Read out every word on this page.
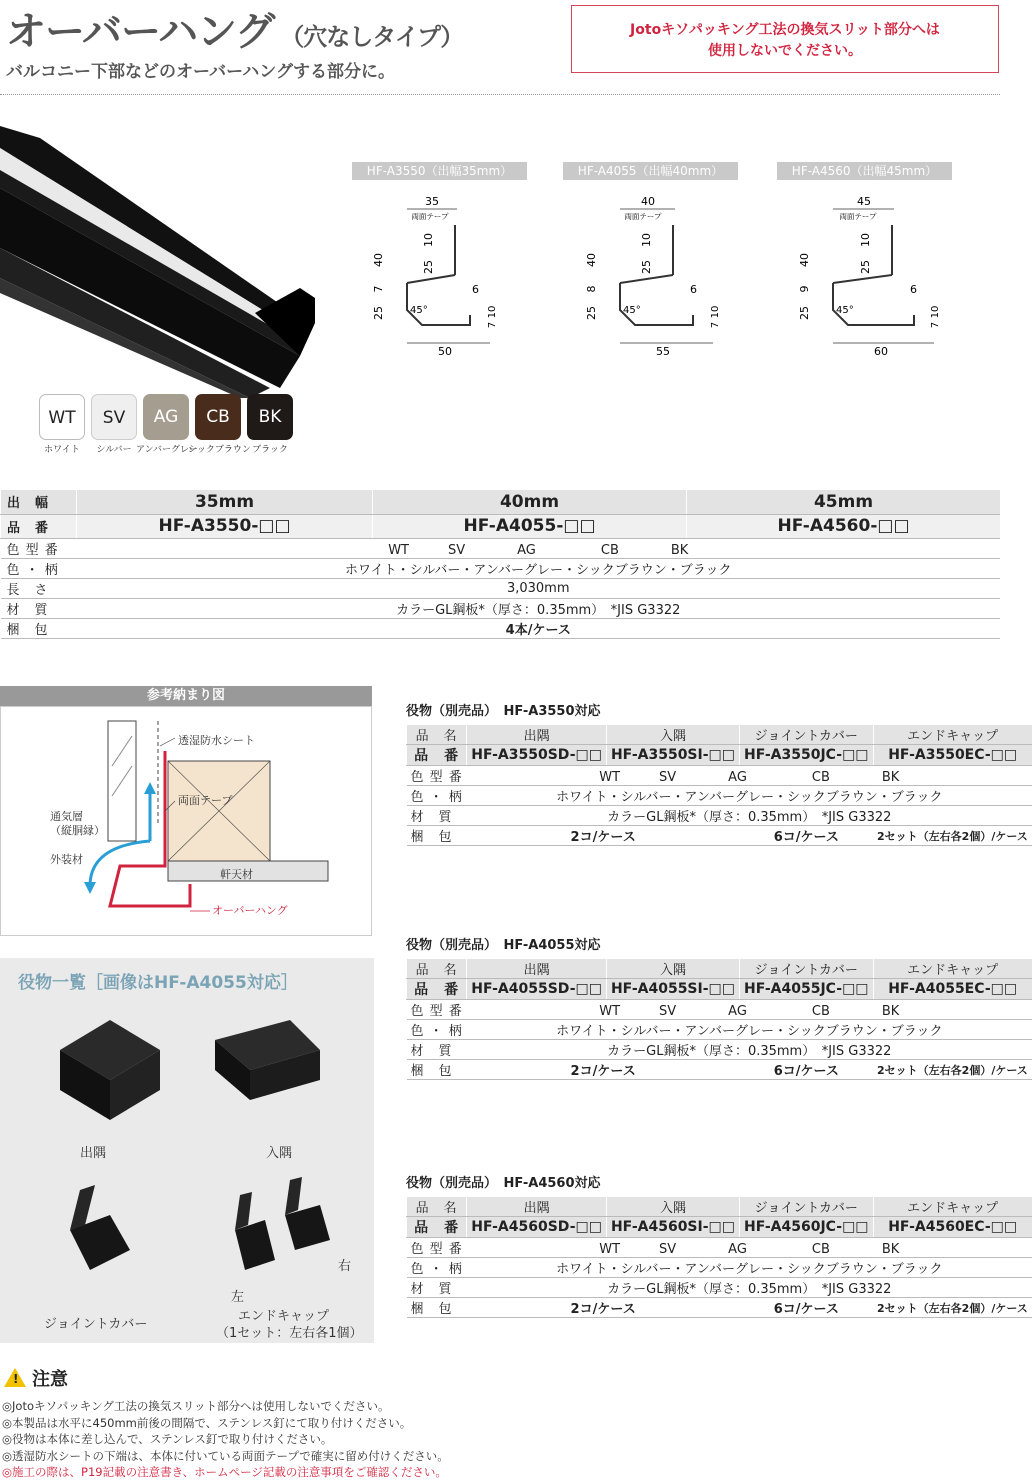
オーバーハング （穴なしタイプ）
バルコニー下部などのオーバーハングする部分に。
Jotoキソパッキング工法の換気スリット部分へは
使用しないでください。
HF-A3550（出幅35mm）	HF-A4055（出幅40mm）	HF-A4560（出幅45mm）
35
両面テープ
40
10
25
7
25	45°
6
7
10
50
40
両面テープ
40
10
25
8
25	45°
6
7
10
55
45
両面テープ
40
10
25
9
25	45°
6
7
10
60
WT
ホワイト
SV
シルバー
AG
アンバーグレー
CB
シックブラウン
BK
ブラック
出　幅	35mm	40mm	45mm
品　番	HF-A3550-□□	HF-A4055-□□	HF-A4560-□□
色 型 番	WT　　　SV　　　　AG　　　　　CB　　　　BK		
色 ・ 柄	ホワイト・シルバー・アンバーグレー・シックブラウン・ブラック		
長　さ	3,030mm		
材　質	カラーGL鋼板*（厚さ：0.35mm）　*JIS G3322		
梱　包	4本/ケース		
参考納まり図
透湿防水シート
両面テープ
通気層
（縦胴縁）
外装材
軒天材
オーバーハング
役物一覧［画像はHF-A4055対応］
出隅	入隅
ジョイントカバー
エンドキャップ
（1セット：左右各1個）
左
右
役物（別売品）　HF-A3550対応
品　名	出隅	入隅	ジョイントカバー	エンドキャップ
品　番	HF-A3550SD-□□	HF-A3550SI-□□	HF-A3550JC-□□	HF-A3550EC-□□
色 型 番	WT　　　SV　　　　AG　　　　　CB　　　　BK			
色 ・ 柄	ホワイト・シルバー・アンバーグレー・シックブラウン・ブラック			
材　質	カラーGL鋼板*（厚さ：0.35mm）　*JIS G3322			
梱　包	2コ/ケース		6コ/ケース	2セット（左右各2個）/ケース
役物（別売品）　HF-A4055対応
品　名	出隅	入隅	ジョイントカバー	エンドキャップ
品　番	HF-A4055SD-□□	HF-A4055SI-□□	HF-A4055JC-□□	HF-A4055EC-□□
色 型 番	WT　　　SV　　　　AG　　　　　CB　　　　BK			
色 ・ 柄	ホワイト・シルバー・アンバーグレー・シックブラウン・ブラック			
材　質	カラーGL鋼板*（厚さ：0.35mm）　*JIS G3322			
梱　包	2コ/ケース		6コ/ケース	2セット（左右各2個）/ケース
役物（別売品）　HF-A4560対応
品　名	出隅	入隅	ジョイントカバー	エンドキャップ
品　番	HF-A4560SD-□□	HF-A4560SI-□□	HF-A4560JC-□□	HF-A4560EC-□□
色 型 番	WT　　　SV　　　　AG　　　　　CB　　　　BK			
色 ・ 柄	ホワイト・シルバー・アンバーグレー・シックブラウン・ブラック			
材　質	カラーGL鋼板*（厚さ：0.35mm）　*JIS G3322			
梱　包	2コ/ケース		6コ/ケース	2セット（左右各2個）/ケース
! 注意
◎Jotoキソパッキング工法の換気スリット部分へは使用しないでください。
◎本製品は水平に450mm前後の間隔で、ステンレス釘にて取り付けください。
◎役物は本体に差し込んで、ステンレス釘で取り付けください。
◎透湿防水シートの下端は、本体に付いている両面テープで確実に留め付けください。
◎施工の際は、P19記載の注意書き、ホームページ記載の注意事項をご確認ください。
